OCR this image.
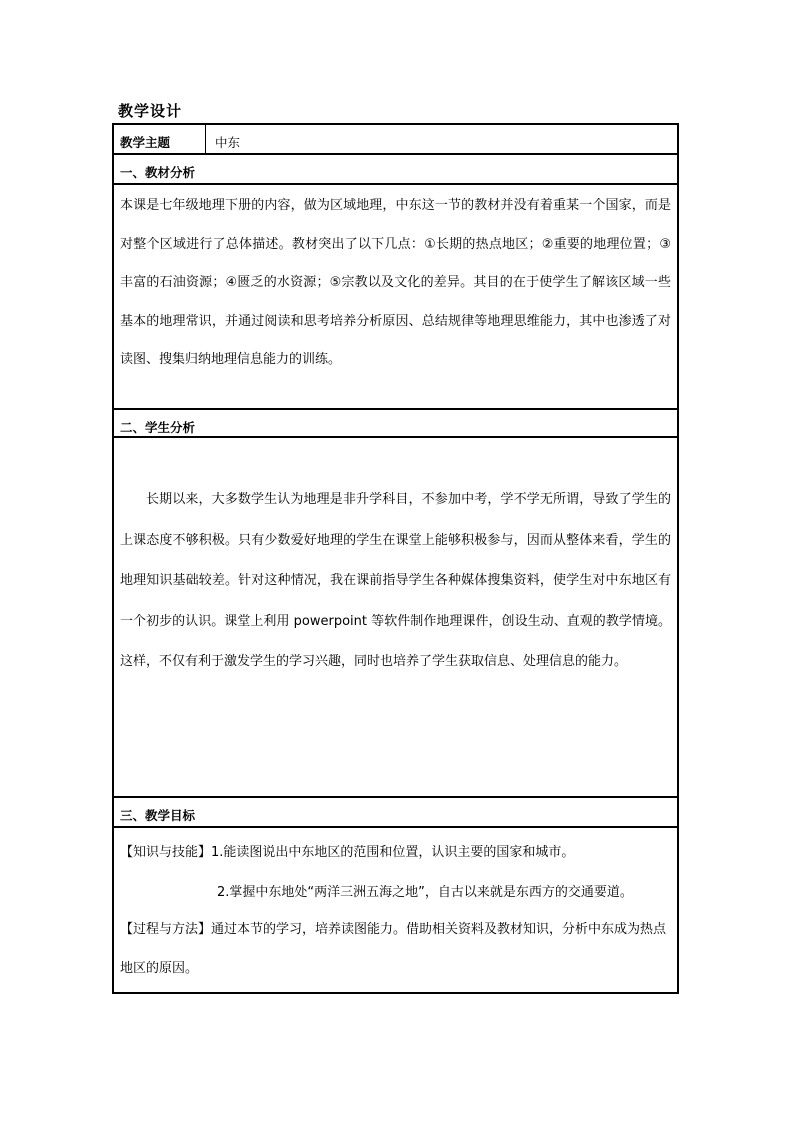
教学设计
教学主题	中东
一、教材分析
本课是七年级地理下册的内容，做为区域地理，中东这一节的教材并没有着重某一个国家，而是对整个区域进行了总体描述。教材突出了以下几点：①长期的热点地区；②重要的地理位置；③丰富的石油资源；④匮乏的水资源；⑤宗教以及文化的差异。其目的在于使学生了解该区域一些基本的地理常识，并通过阅读和思考培养分析原因、总结规律等地理思维能力，其中也渗透了对读图、搜集归纳地理信息能力的训练。
二、学生分析
长期以来，大多数学生认为地理是非升学科目，不参加中考，学不学无所谓，导致了学生的上课态度不够积极。只有少数爱好地理的学生在课堂上能够积极参与，因而从整体来看，学生的地理知识基础较差。针对这种情况，我在课前指导学生各种媒体搜集资料，使学生对中东地区有一个初步的认识。课堂上利用 powerpoint 等软件制作地理课件，创设生动、直观的教学情境。这样，不仅有利于激发学生的学习兴趣，同时也培养了学生获取信息、处理信息的能力。
三、教学目标
【知识与技能】1.能读图说出中东地区的范围和位置，认识主要的国家和城市。
2.掌握中东地处“两洋三洲五海之地”，自古以来就是东西方的交通要道。
【过程与方法】通过本节的学习，培养读图能力。借助相关资料及教材知识，分析中东成为热点地区的原因。
